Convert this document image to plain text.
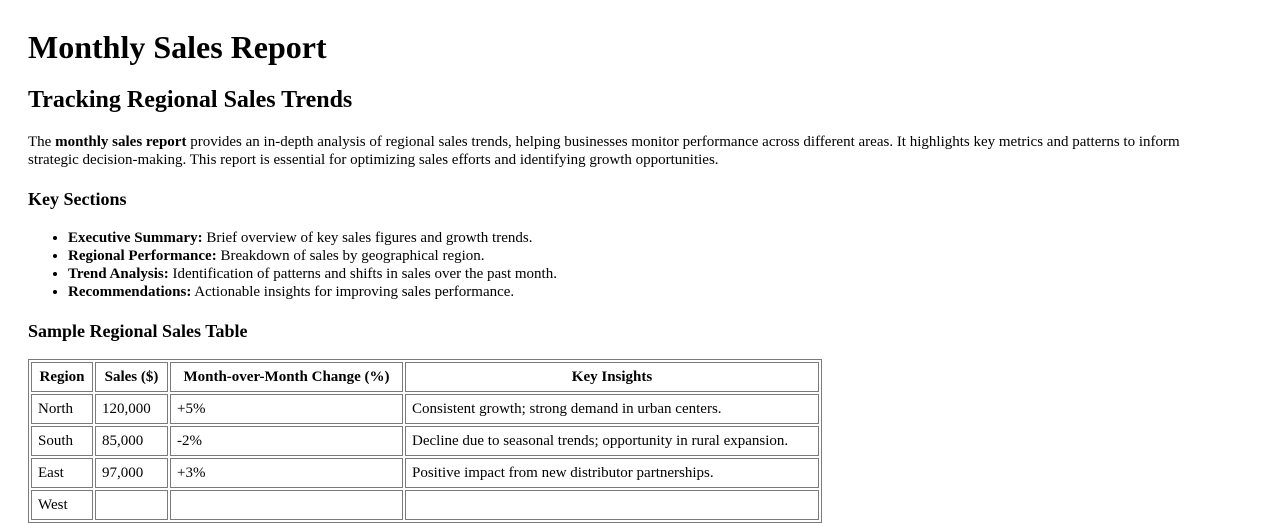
Monthly Sales Report
Tracking Regional Sales Trends

The monthly sales report provides an in-depth analysis of regional sales trends, helping businesses monitor performance across different areas. It highlights key metrics and patterns to inform strategic decision-making. This report is essential for optimizing sales efforts and identifying growth opportunities.

Key Sections
• Executive Summary: Brief overview of key sales figures and growth trends.
• Regional Performance: Breakdown of sales by geographical region.
• Trend Analysis: Identification of patterns and shifts in sales over the past month.
• Recommendations: Actionable insights for improving sales performance.
Sample Regional Sales Table
Region	Sales ($)	Month-over-Month Change (%)	Key Insights
North	120,000	+5%	Consistent growth; strong demand in urban centers.
South	85,000	-2%	Decline due to seasonal trends; opportunity in rural expansion.
East	97,000	+3%	Positive impact from new distributor partnerships.
West			
